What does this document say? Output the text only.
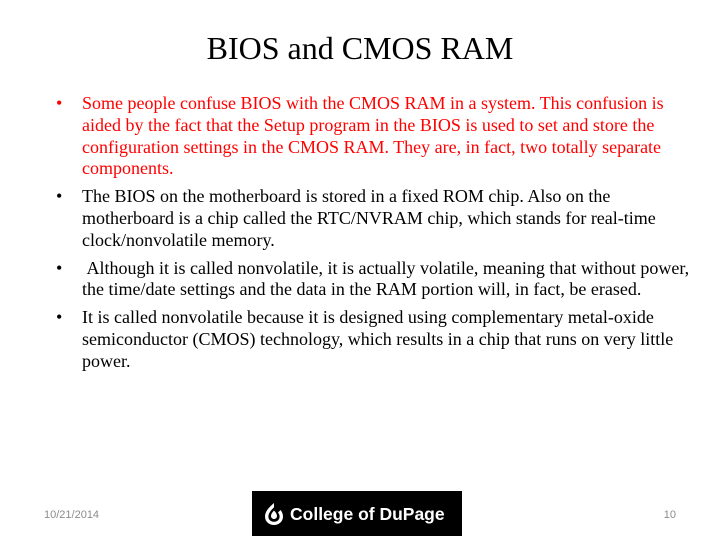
BIOS and CMOS RAM
• Some people confuse BIOS with the CMOS RAM in a system. This confusion is aided by the fact that the Setup program in the BIOS is used to set and store the configuration settings in the CMOS RAM. They are, in fact, two totally separate components.
• The BIOS on the motherboard is stored in a fixed ROM chip. Also on the motherboard is a chip called the RTC/NVRAM chip, which stands for real-time clock/nonvolatile memory.
• Although it is called nonvolatile, it is actually volatile, meaning that without power, the time/date settings and the data in the RAM portion will, in fact, be erased.
• It is called nonvolatile because it is designed using complementary metal-oxide semiconductor (CMOS) technology, which results in a chip that runs on very little power.
10/21/2014	College of DuPage	10
